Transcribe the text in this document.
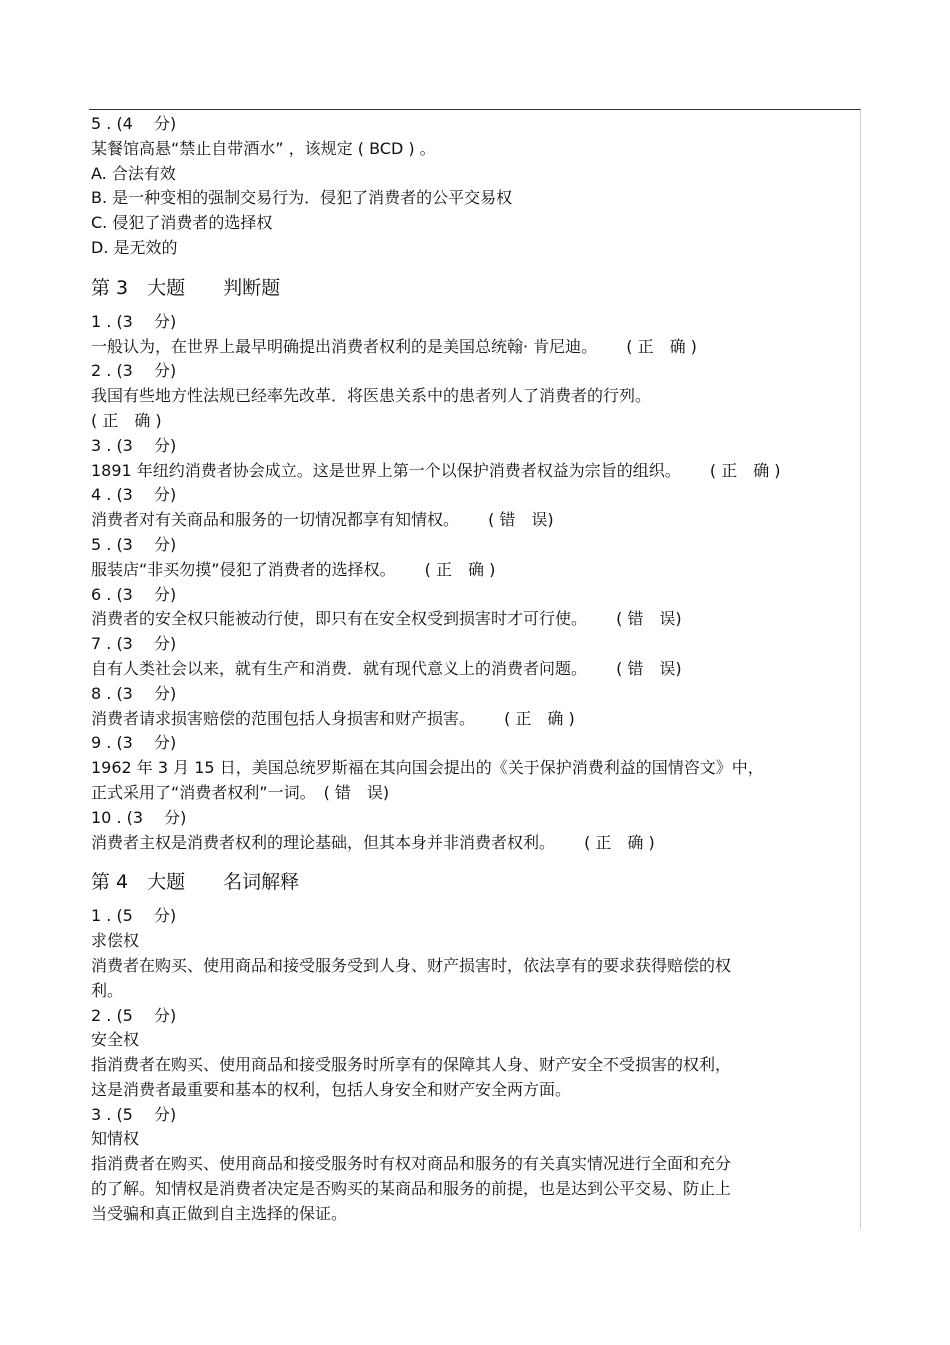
5 . (4　 分)
某餐馆高悬“禁止自带酒水” ，该规定 ( BCD ) 。
A. 合法有效
B. 是一种变相的强制交易行为．侵犯了消费者的公平交易权
C. 侵犯了消费者的选择权
D. 是无效的
第 3　大题　　判断题
1 . (3　 分)
一般认为，在世界上最早明确提出消费者权利的是美国总统翰· 肯尼迪。　　 ( 正　确 )
2 . (3　 分)
我国有些地方性法规已经率先改革．将医患关系中的患者列人了消费者的行列。
( 正　确 )
3 . (3　 分)
1891 年纽约消费者协会成立。这是世界上第一个以保护消费者权益为宗旨的组织。　　 ( 正　确 )
4 . (3　 分)
消费者对有关商品和服务的一切情况都享有知情权。　　 ( 错　误)
5 . (3　 分)
服装店“非买勿摸”侵犯了消费者的选择权。　　 ( 正　确 )
6 . (3　 分)
消费者的安全权只能被动行使，即只有在安全权受到损害时才可行使。　　 ( 错　误)
7 . (3　 分)
自有人类社会以来，就有生产和消费．就有现代意义上的消费者问题。　　 ( 错　误)
8 . (3　 分)
消费者请求损害赔偿的范围包括人身损害和财产损害。　　 ( 正　确 )
9 . (3　 分)
1962 年 3 月 15 日，美国总统罗斯福在其向国会提出的《关于保护消费利益的国情咨文》中，
正式采用了“消费者权利”一词。　( 错　误)
10 . (3　 分)
消费者主权是消费者权利的理论基础，但其本身并非消费者权利。　　 ( 正　确 )
第 4　大题　　名词解释
1 . (5　 分)
求偿权
消费者在购买、使用商品和接受服务受到人身、财产损害时，依法享有的要求获得赔偿的权
利。
2 . (5　 分)
安全权
指消费者在购买、使用商品和接受服务时所享有的保障其人身、财产安全不受损害的权利，
这是消费者最重要和基本的权利，包括人身安全和财产安全两方面。
3 . (5　 分)
知情权
指消费者在购买、使用商品和接受服务时有权对商品和服务的有关真实情况进行全面和充分
的了解。知情权是消费者决定是否购买的某商品和服务的前提，也是达到公平交易、防止上
当受骗和真正做到自主选择的保证。
